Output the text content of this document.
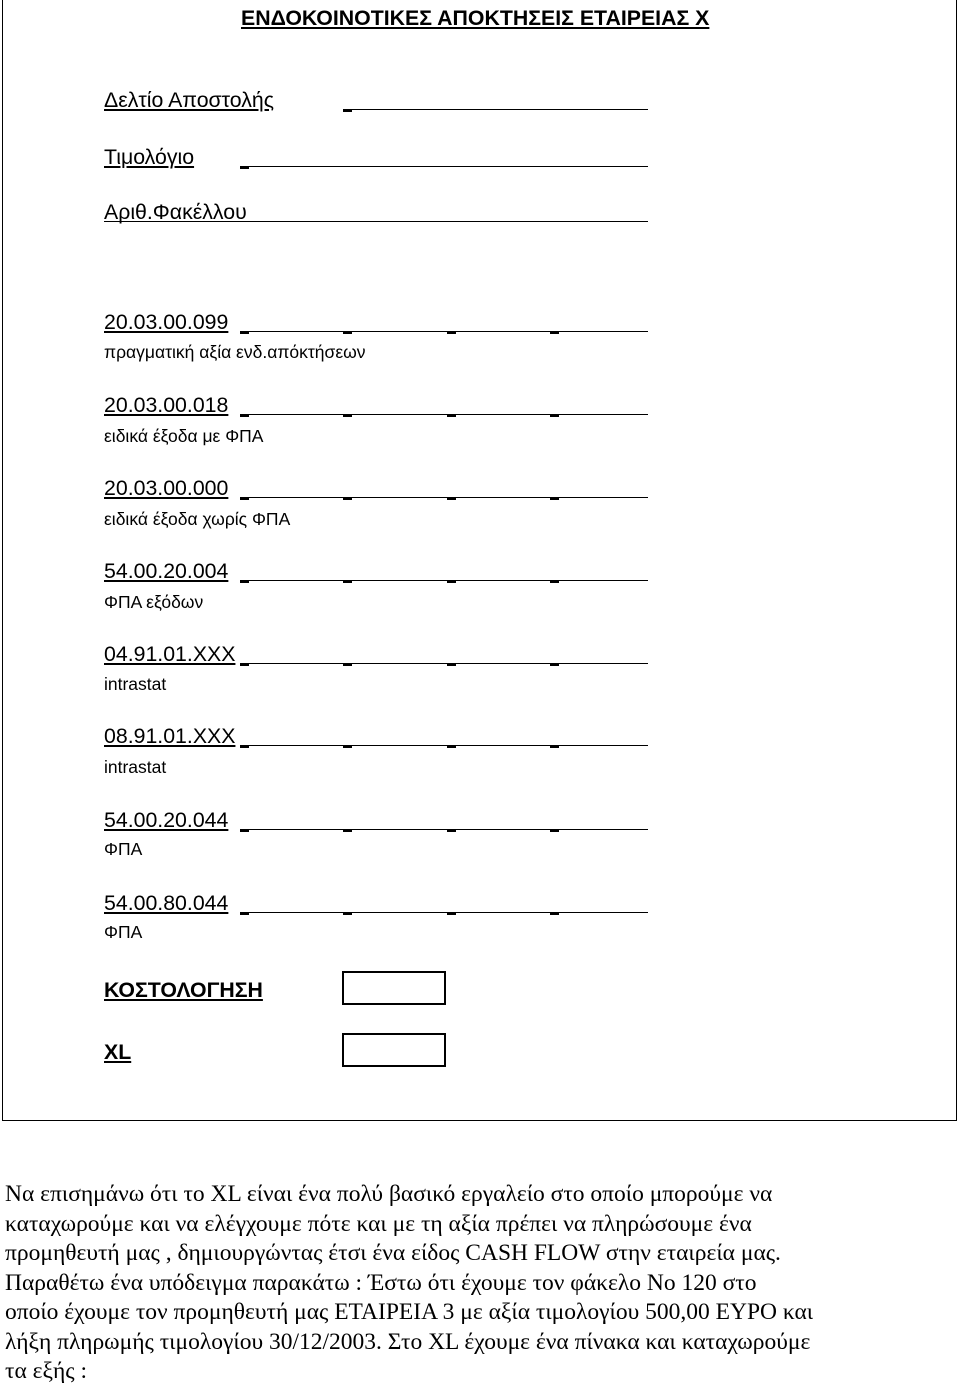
ΕΝΔΟΚΟΙΝΟΤΙΚΕΣ ΑΠΟΚΤΗΣΕΙΣ ΕΤΑΙΡΕΙΑΣ Χ
Δελτίο Αποστολής
Τιμολόγιο
Αριθ.Φακέλλου
20.03.00.099
πραγματική αξία ενδ.απόκτήσεων
20.03.00.018
ειδικά έξοδα με ΦΠΑ
20.03.00.000
ειδικά έξοδα χωρίς ΦΠΑ
54.00.20.004
ΦΠΑ εξόδων
04.91.01.ΧΧΧ
intrastat
08.91.01.ΧΧΧ
intrastat
54.00.20.044
ΦΠΑ
54.00.80.044
ΦΠΑ
ΚΟΣΤΟΛΟΓΗΣΗ
XL
Να επισημάνω ότι το XL είναι ένα πολύ βασικό εργαλείο στο οποίο μπορούμε να
καταχωρούμε και να ελέγχουμε πότε και με τη αξία πρέπει να πληρώσουμε ένα
προμηθευτή μας , δημιουργώντας έτσι ένα είδος CASH FLOW στην εταιρεία μας.
Παραθέτω ένα υπόδειγμα παρακάτω : Έστω ότι έχουμε τον φάκελο Νο 120 στο
οποίο έχουμε τον προμηθευτή μας ΕΤΑΙΡΕΙΑ 3 με αξία τιμολογίου 500,00 ΕΥΡΟ και
λήξη πληρωμής τιμολογίου 30/12/2003. Στο XL έχουμε ένα πίνακα και καταχωρούμε
τα εξής :
